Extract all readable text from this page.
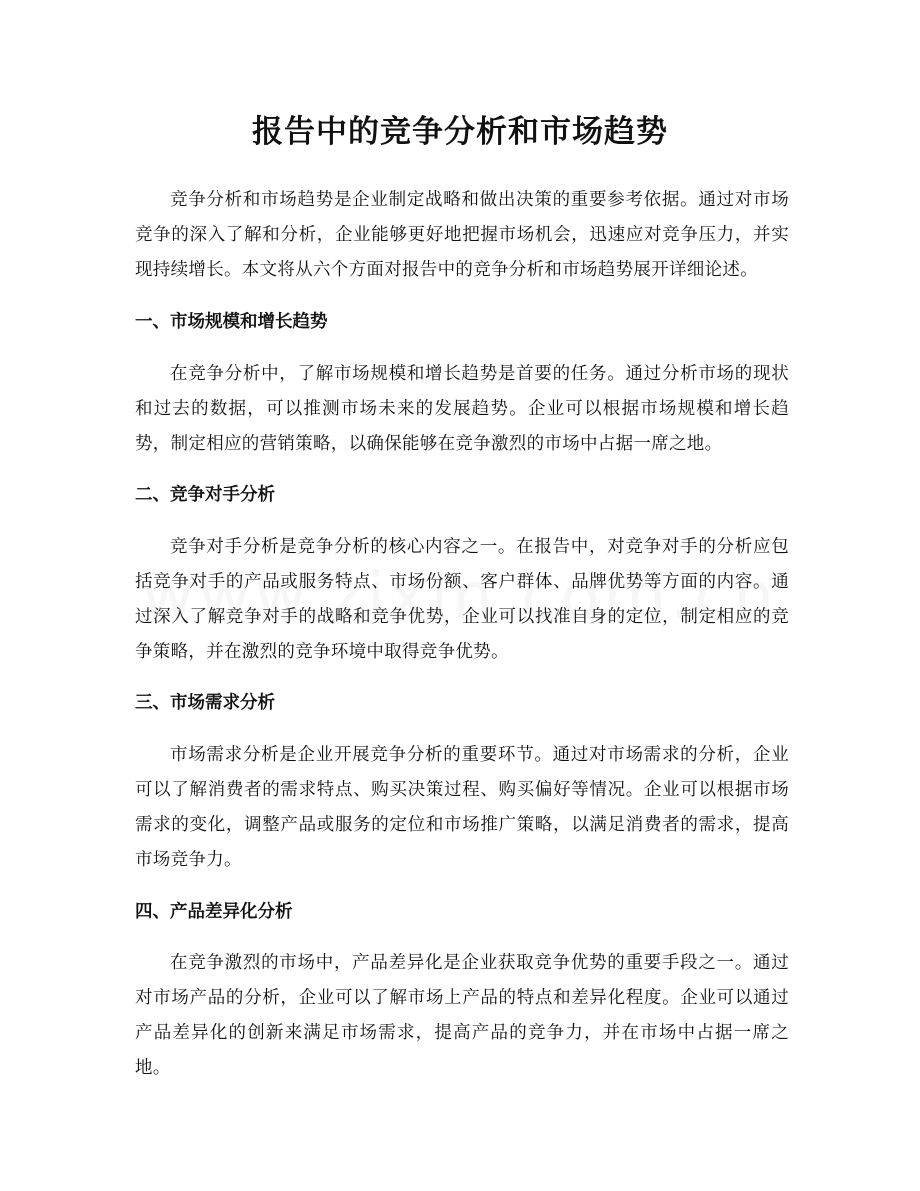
报告中的竞争分析和市场趋势

竞争分析和市场趋势是企业制定战略和做出决策的重要参考依据。通过对市场竞争的深入了解和分析，企业能够更好地把握市场机会，迅速应对竞争压力，并实现持续增长。本文将从六个方面对报告中的竞争分析和市场趋势展开详细论述。

一、市场规模和增长趋势

在竞争分析中，了解市场规模和增长趋势是首要的任务。通过分析市场的现状和过去的数据，可以推测市场未来的发展趋势。企业可以根据市场规模和增长趋势，制定相应的营销策略，以确保能够在竞争激烈的市场中占据一席之地。

二、竞争对手分析

竞争对手分析是竞争分析的核心内容之一。在报告中，对竞争对手的分析应包括竞争对手的产品或服务特点、市场份额、客户群体、品牌优势等方面的内容。通过深入了解竞争对手的战略和竞争优势，企业可以找准自身的定位，制定相应的竞争策略，并在激烈的竞争环境中取得竞争优势。

三、市场需求分析

市场需求分析是企业开展竞争分析的重要环节。通过对市场需求的分析，企业可以了解消费者的需求特点、购买决策过程、购买偏好等情况。企业可以根据市场需求的变化，调整产品或服务的定位和市场推广策略，以满足消费者的需求，提高市场竞争力。

四、产品差异化分析

在竞争激烈的市场中，产品差异化是企业获取竞争优势的重要手段之一。通过对市场产品的分析，企业可以了解市场上产品的特点和差异化程度。企业可以通过产品差异化的创新来满足市场需求，提高产品的竞争力，并在市场中占据一席之地。
